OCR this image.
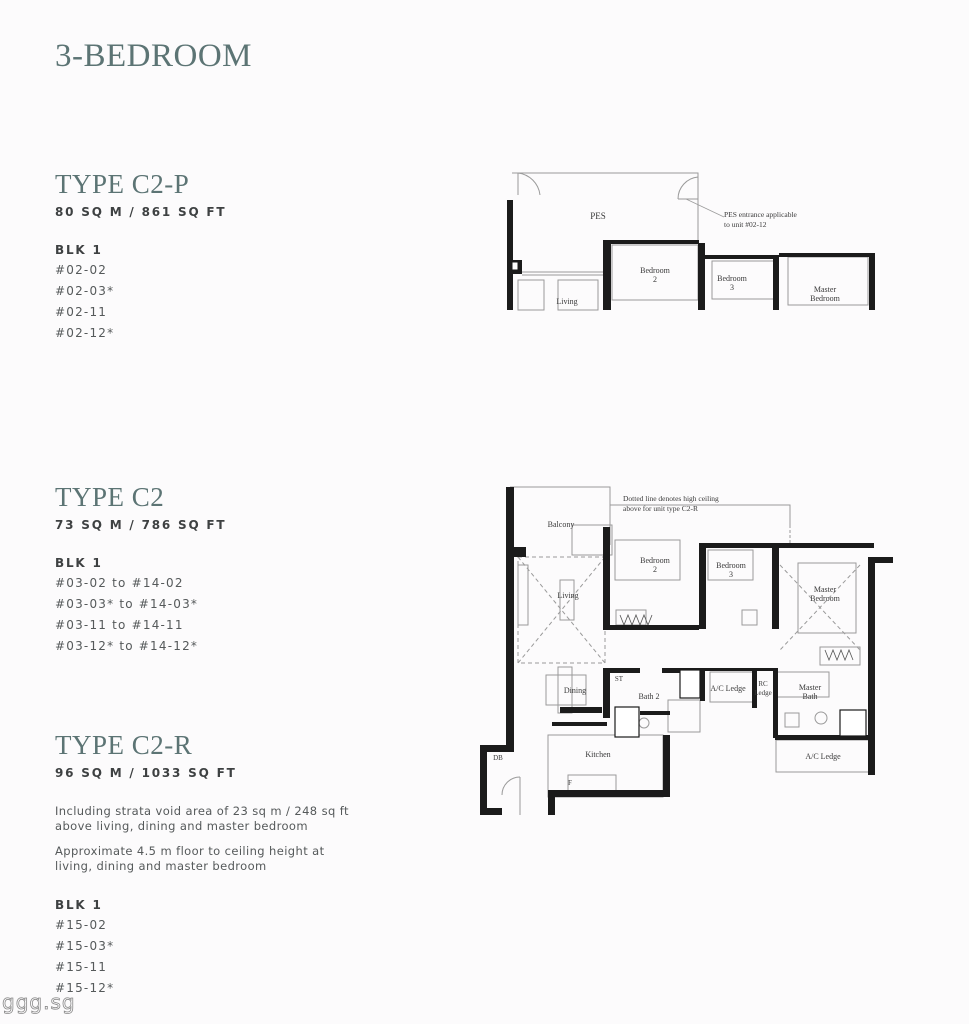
3-BEDROOM
TYPE C2-P
80 SQ M / 861 SQ FT
BLK 1
#02-02
#02-03*
#02-11
#02-12*
TYPE C2
73 SQ M / 786 SQ FT
BLK 1
#03-02 to #14-02
#03-03* to #14-03*
#03-11 to #14-11
#03-12* to #14-12*
TYPE C2-R
96 SQ M / 1033 SQ FT

Including strata void area of 23 sq m / 248 sq ft above living, dining and master bedroom

Approximate 4.5 m floor to ceiling height at living, dining and master bedroom

BLK 1
#15-02
#15-03*
#15-11
#15-12*
PES	PES entrance applicable
to unit #02-12
Bedroom
2	Bedroom
3	Master
Bedroom
Living
Dotted line denotes high ceiling
above for unit type C2-R
Balcony
Living
Bedroom
2	Bedroom
3
Master
Bedroom
Dining
ST
Bath 2
A/C Ledge RC
Ledge
Master
Bath
A/C Ledge
DB	Kitchen
F
ggg.sg
